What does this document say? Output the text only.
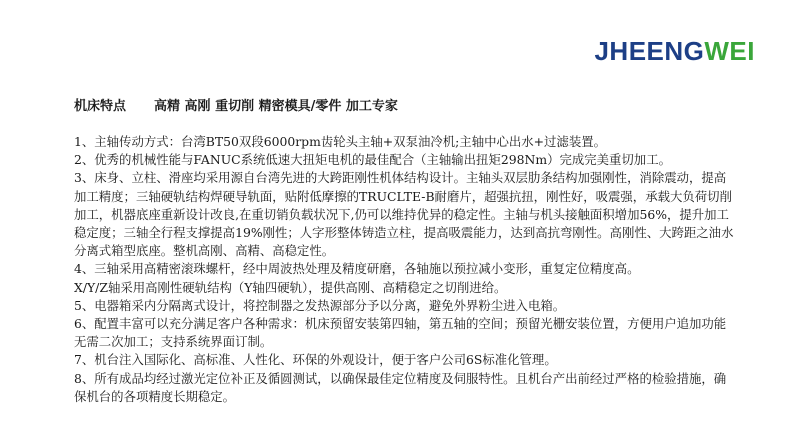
JHEENG WEI
机床特点 高精 高刚 重切削 精密模具/零件 加工专家

1、主轴传动方式：台湾BT50双段6000rpm齿轮头主轴+双泵油冷机;主轴中心出水+过滤装置。

2、优秀的机械性能与FANUC系统低速大扭矩电机的最佳配合（主轴输出扭矩298Nm）完成完美重切加工。

3、床身、立柱、滑座均采用源自台湾先进的大跨距刚性机体结构设计。主轴头双层肋条结构加强刚性，消除震动，提高加工精度；三轴硬轨结构焊硬导轨面，贴附低摩擦的TRUCLTE-B耐磨片，超强抗扭，刚性好，吸震强，承载大负荷切削加工，机器底座重新设计改良,在重切销负载状况下,仍可以维持优异的稳定性。主轴与机头接触面积增加56%，提升加工稳定度；三轴全行程支撑提高19%刚性；人字形整体铸造立柱，提高吸震能力，达到高抗弯刚性。高刚性、大跨距之油水分离式箱型底座。整机高刚、高精、高稳定性。

4、三轴采用高精密滚珠螺杆，经中周波热处理及精度研磨，各轴施以预拉减小变形，重复定位精度高。

X/Y/Z轴采用高刚性硬轨结构（Y轴四硬轨），提供高刚、高精稳定之切削进给。

5、电器箱采内分隔离式设计，将控制器之发热源部分予以分离，避免外界粉尘进入电箱。

6、配置丰富可以充分满足客户各种需求：机床预留安装第四轴，第五轴的空间；预留光栅安装位置，方便用户追加功能无需二次加工；支持系统界面订制。

7、机台注入国际化、高标准、人性化、环保的外观设计，便于客户公司6S标准化管理。

8、所有成品均经过激光定位补正及循圆测试，以确保最佳定位精度及伺服特性。且机台产出前经过严格的检验措施，确保机台的各项精度长期稳定。
